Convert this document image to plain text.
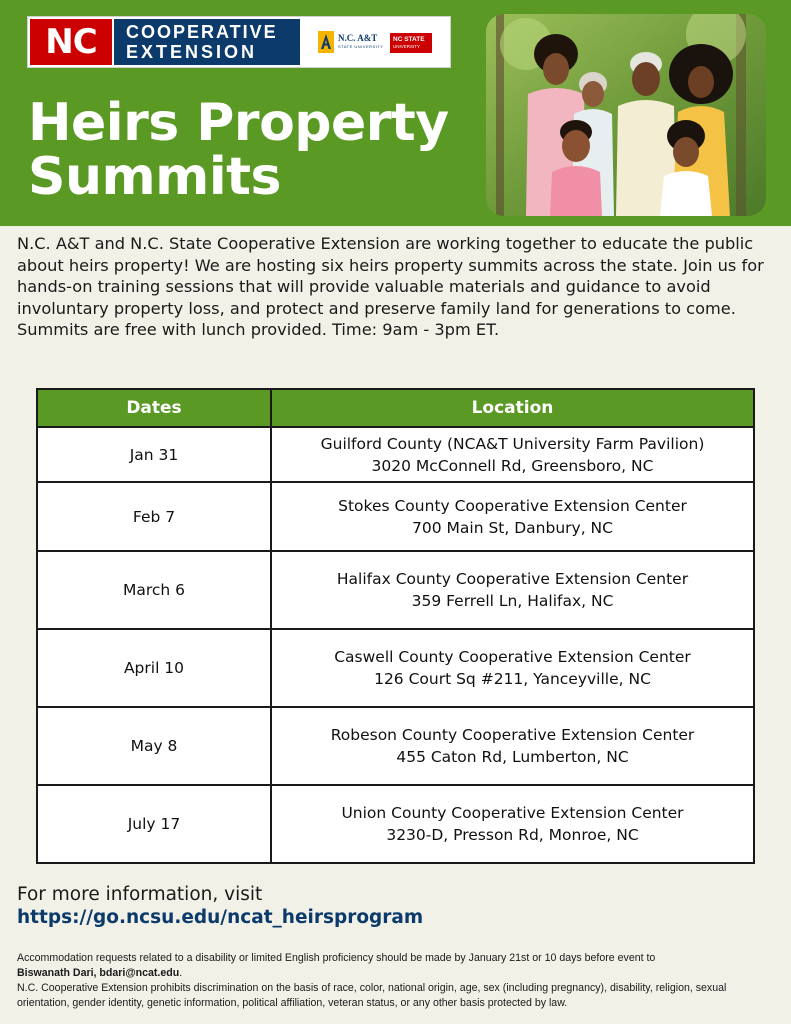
NC	COOPERATIVE
EXTENSION
N.C. A&T
STATE UNIVERSITY
NC STATE
UNIVERSITY
Heirs Property
Summits

N.C. A&T and N.C. State Cooperative Extension are working together to educate the public about heirs property! We are hosting six heirs property summits across the state. Join us for hands-on training sessions that will provide valuable materials and guidance to avoid involuntary property loss, and protect and preserve family land for generations to come.

Summits are free with lunch provided. Time: 9am - 3pm ET.

Dates	Location
Jan 31	Guilford County (NCA&T University Farm Pavilion)
3020 McConnell Rd, Greensboro, NC

Feb 7	Stokes County Cooperative Extension Center
700 Main St, Danbury, NC

March 6	Halifax County Cooperative Extension Center
359 Ferrell Ln, Halifax, NC

April 10	Caswell County Cooperative Extension Center
126 Court Sq #211, Yanceyville, NC

May 8	Robeson County Cooperative Extension Center
455 Caton Rd, Lumberton, NC

July 17	Union County Cooperative Extension Center
3230-D, Presson Rd, Monroe, NC
For more information, visit
https://go.ncsu.edu/ncat_heirsprogram

Accommodation requests related to a disability or limited English proficiency should be made by January 21st or 10 days before event to
Biswanath Dari, bdari@ncat.edu.

N.C. Cooperative Extension prohibits discrimination on the basis of race, color, national origin, age, sex (including pregnancy), disability, religion, sexual orientation, gender identity, genetic information, political affiliation, veteran status, or any other basis protected by law.
